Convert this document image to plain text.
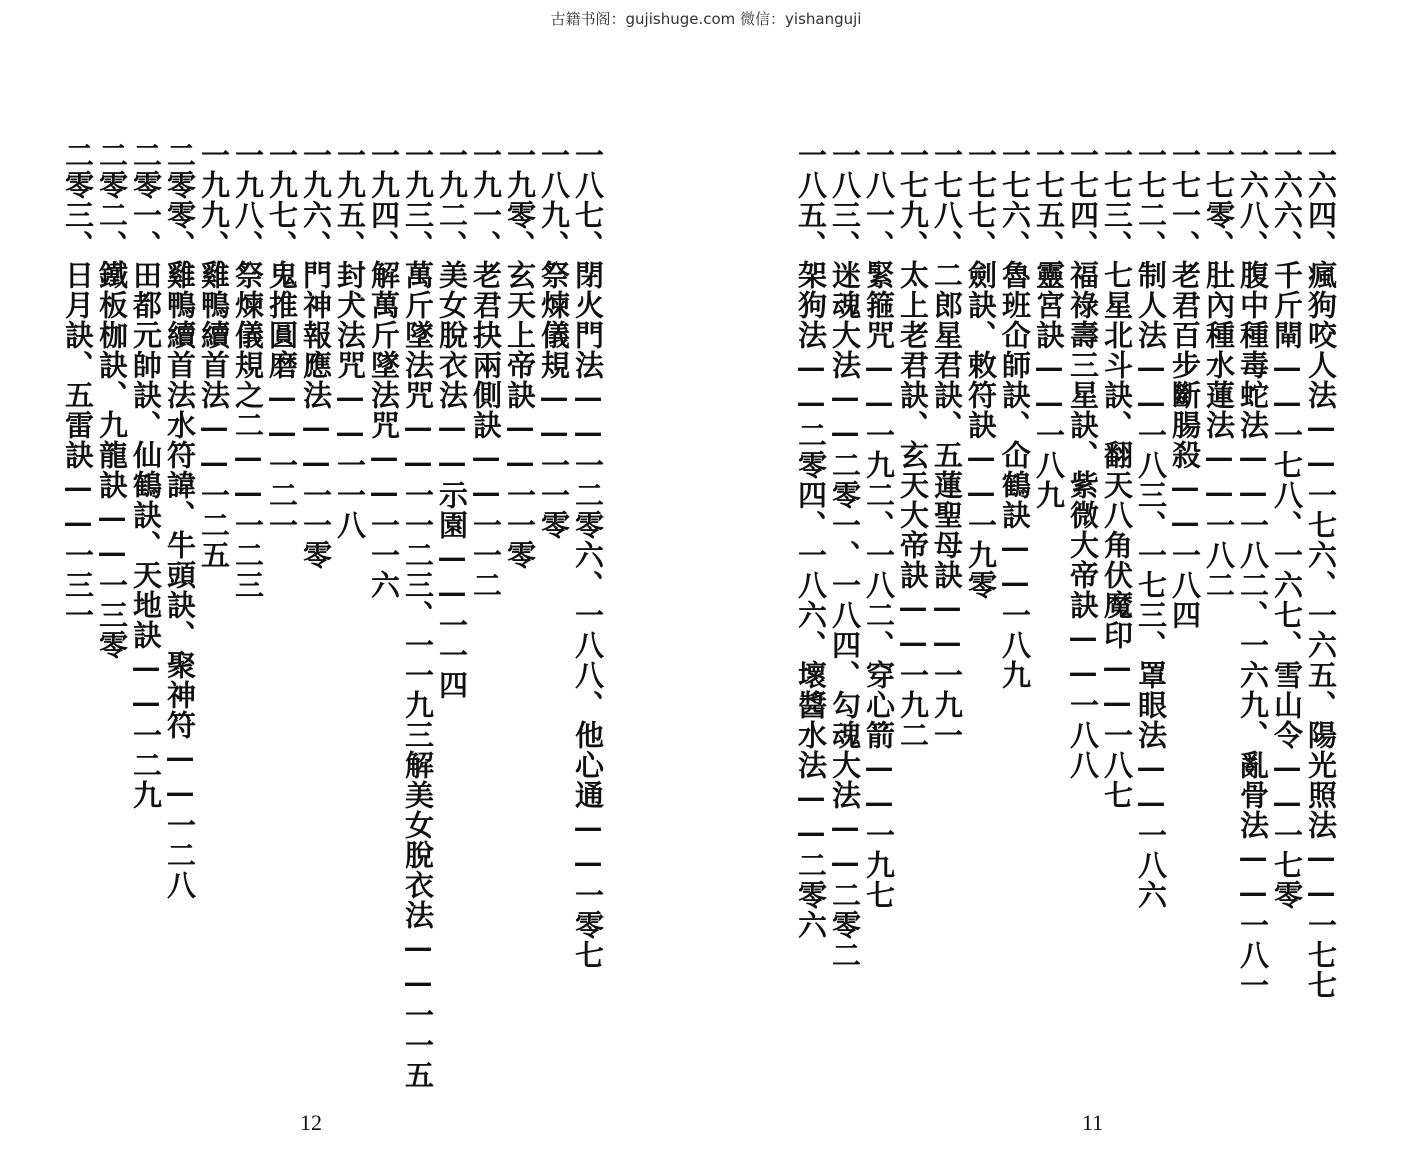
古籍书阁：gujishuge.com 微信：yishanguji
一八七、閉火門法——一二零六、一八八、他心通——一零七
一八九、祭煉儀規——一一零
一九零、玄天上帝訣——一一零
一九一、老君抉兩側訣——一一二
一九二、美女脫衣法——示園——一一四
一九三、萬斤墜法咒——一一二三、一一九三解美女脫衣法——一一五
一九四、解萬斤墜法咒——一一六
一九五、封犬法咒——一一八
一九六、門神報應法——一一零
一九七、鬼推圓磨——一二一
一九八、祭煉儀規之二——一二三
一九九、雞鴨續首法——一二五
二零零、雞鴨續首法水符諱、牛頭訣、聚神符——一二八
二零一、田都元帥訣、仙鶴訣、天地訣——一二九
二零二、鐵板枷訣、九龍訣——一三零
二零三、日月訣、五雷訣——一三一
12
一六四、瘋狗咬人法——一七六、一六五、陽光照法——一七七
一六六、千斤閘——一七八、一六七、雪山令——一七零
一六八、腹中種毒蛇法——一八二、一六九、亂骨法——一八一
一七零、肚內種水蓮法——一八二
一七一、老君百步斷腸殺——一八四
一七二、制人法——一八三、一七三、罩眼法——一八六
一七三、七星北斗訣、翻天八角伏魔印——一八七
一七四、福祿壽三星訣、紫微大帝訣——一八八
一七五、靈宮訣——一八九
一七六、魯班仚師訣、仚鶴訣——一八九
一七七、劍訣、敕符訣——一九零
一七八、二郎星君訣、五蓮聖母訣——一九一
一七九、太上老君訣、玄天大帝訣——一九二
一八一、緊箍咒——一九二、一八二、穿心箭——一九七
一八三、迷魂大法——二零一、一八四、勾魂大法——二零二
一八五、架狗法——二零四、一八六、壞醬水法——二零六
11
